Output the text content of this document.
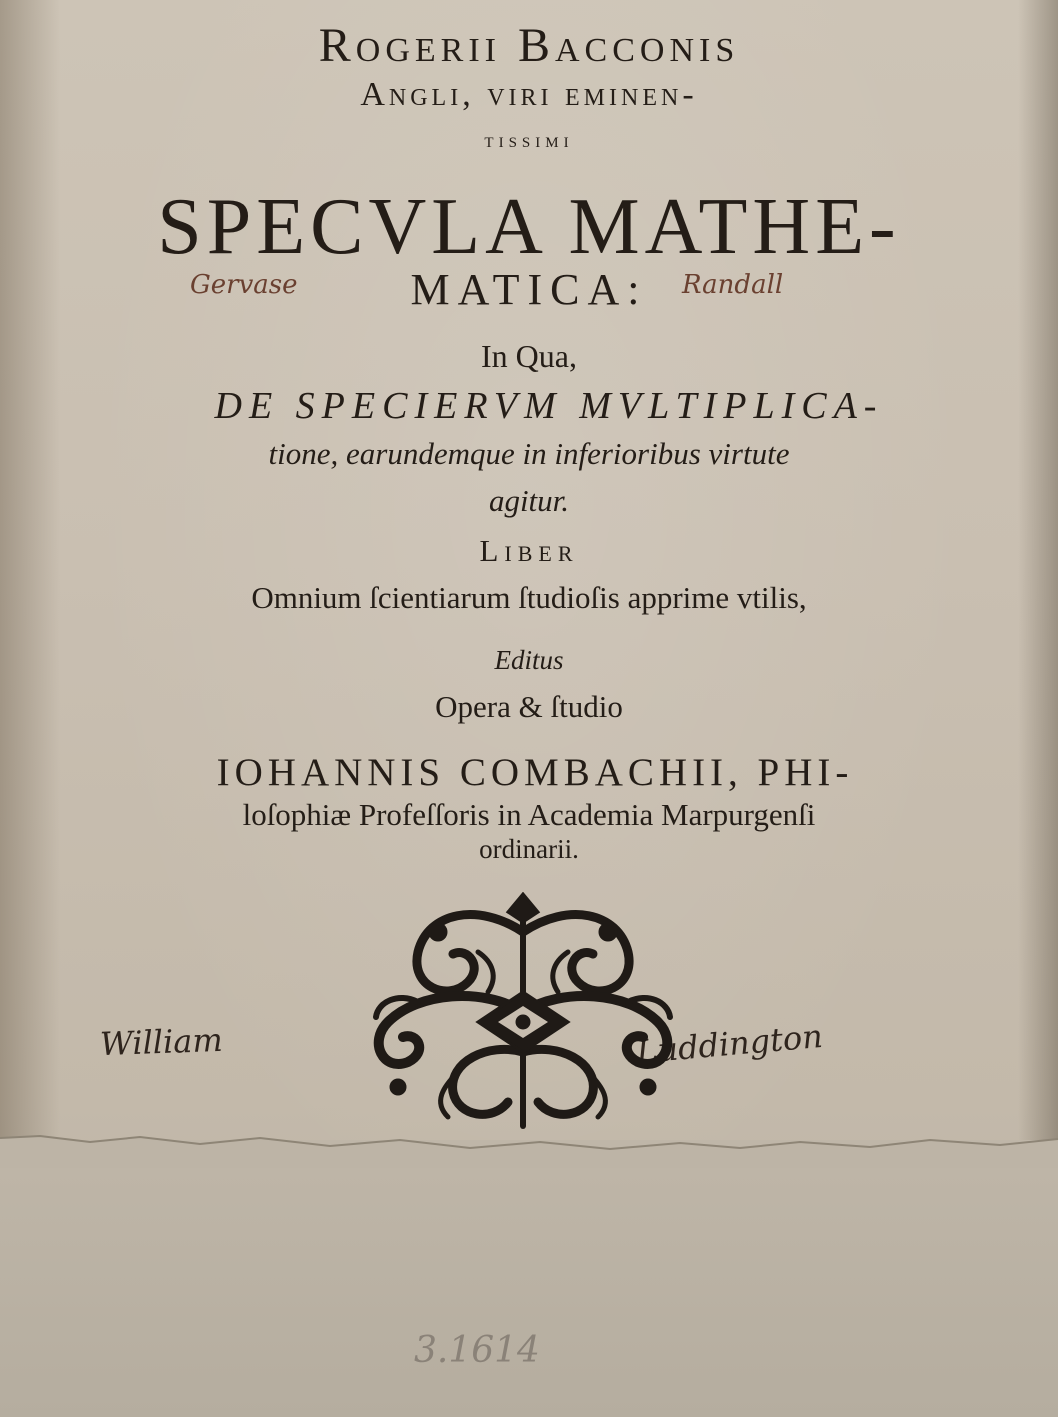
Rogerii Bacconis
Angli, viri eminen-
tissimi
SPECVLA MATHE-
MATICA:
In Qua,
DE SPECIERVM MVLTIPLICA-
tione, earundemque in inferioribus virtute
agitur.
Liber
Omnium ſcientiarum ſtudioſis apprime vtilis,
Editus
Opera & ſtudio
IOHANNIS COMBACHII, PHI-
loſophiæ Profeſſoris in Academia Marpurgenſi
ordinarii.
Gervase	Randall
William	Luddington
3.1614
